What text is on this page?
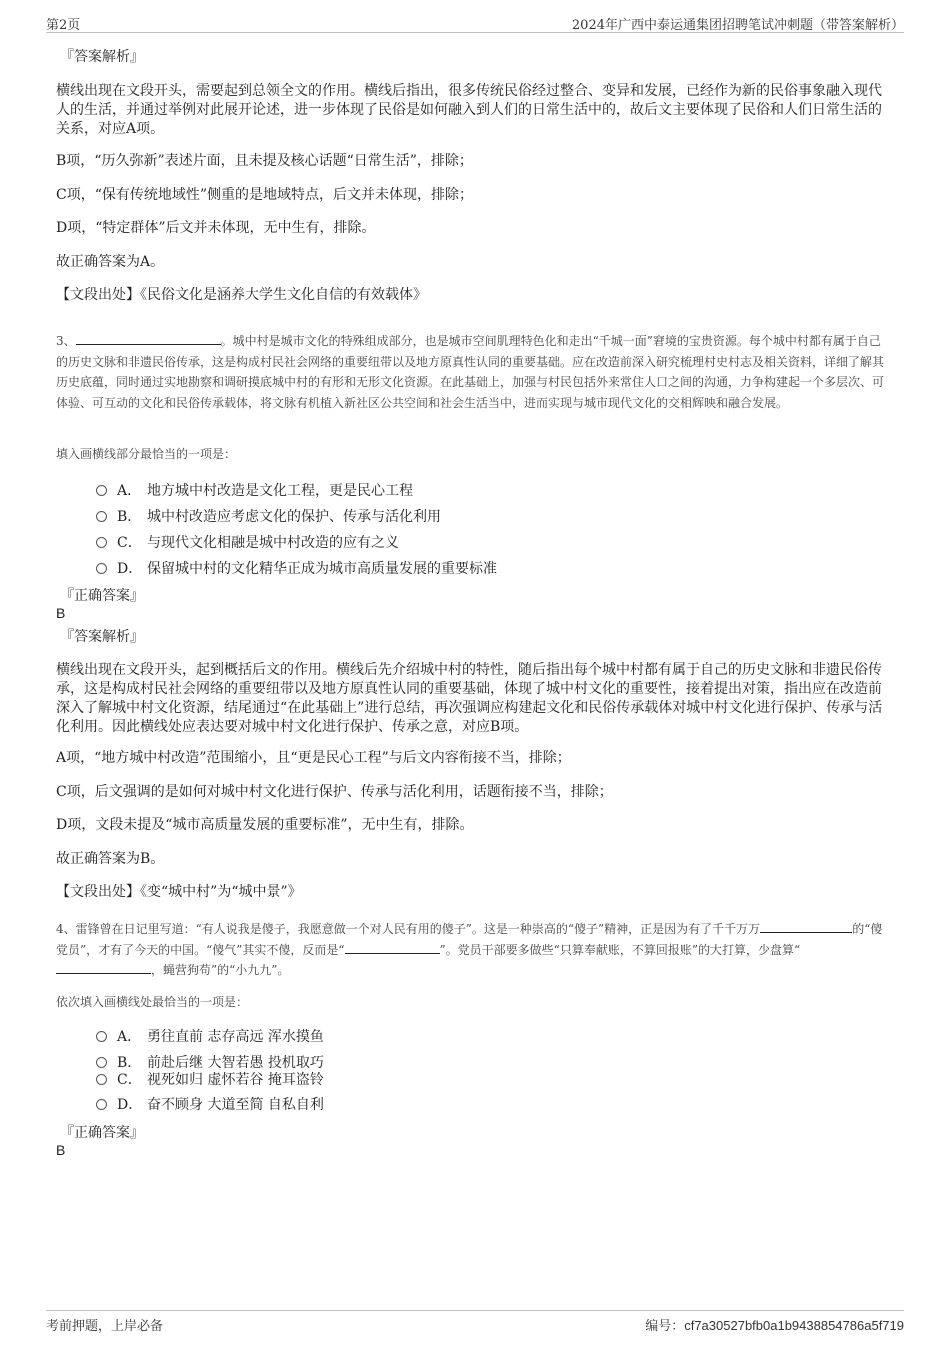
第2页	2024年广西中泰运通集团招聘笔试冲刺题（带答案解析）
『答案解析』

横线出现在文段开头，需要起到总领全文的作用。横线后指出，很多传统民俗经过整合、变异和发展，已经作为新的民俗事象融入现代人的生活，并通过举例对此展开论述，进一步体现了民俗是如何融入到人们的日常生活中的，故后文主要体现了民俗和人们日常生活的关系，对应A项。

B项，“历久弥新”表述片面，且未提及核心话题“日常生活”，排除；

C项，“保有传统地域性”侧重的是地域特点，后文并未体现，排除；

D项，“特定群体”后文并未体现，无中生有，排除。

故正确答案为A。

【文段出处】《民俗文化是涵养大学生文化自信的有效载体》

3、	。城中村是城市文化的特殊组成部分，也是城市空间肌理特色化和走出“千城一面”窘境的宝贵资源。每个城中村都有属于自己的历史文脉和非遗民俗传承，这是构成村民社会网络的重要纽带以及地方原真性认同的重要基础。应在改造前深入研究梳理村史村志及相关资料，详细了解其历史底蕴，同时通过实地勘察和调研摸底城中村的有形和无形文化资源。在此基础上，加强与村民包括外来常住人口之间的沟通，力争构建起一个多层次、可体验、可互动的文化和民俗传承载体，将文脉有机植入新社区公共空间和社会生活当中，进而实现与城市现代文化的交相辉映和融合发展。

填入画横线部分最恰当的一项是：

A． 地方城中村改造是文化工程，更是民心工程
B． 城中村改造应考虑文化的保护、传承与活化利用
C． 与现代文化相融是城中村改造的应有之义
D． 保留城中村的文化精华正成为城市高质量发展的重要标准
『正确答案』
B
『答案解析』

横线出现在文段开头，起到概括后文的作用。横线后先介绍城中村的特性，随后指出每个城中村都有属于自己的历史文脉和非遗民俗传承，这是构成村民社会网络的重要纽带以及地方原真性认同的重要基础，体现了城中村文化的重要性，接着提出对策，指出应在改造前深入了解城中村文化资源，结尾通过“在此基础上”进行总结，再次强调应构建起文化和民俗传承载体对城中村文化进行保护、传承与活化利用。因此横线处应表达要对城中村文化进行保护、传承之意，对应B项。

A项，“地方城中村改造”范围缩小，且“更是民心工程”与后文内容衔接不当，排除；

C项，后文强调的是如何对城中村文化进行保护、传承与活化利用，话题衔接不当，排除；

D项，文段未提及“城市高质量发展的重要标准”，无中生有，排除。

故正确答案为B。

【文段出处】《变“城中村”为“城中景”》

4、雷锋曾在日记里写道：“有人说我是傻子，我愿意做一个对人民有用的傻子”。这是一种崇高的“傻子”精神，正是因为有了千千万万	的“傻党员”，才有了今天的中国。“傻气”其实不傻，反而是“	”。党员干部要多做些“只算奉献账，不算回报账”的大打算，少盘算“，蝇营狗苟”的“小九九”。

依次填入画横线处最恰当的一项是：

A． 勇往直前 志存高远 浑水摸鱼
B． 前赴后继 大智若愚 投机取巧
C． 视死如归 虚怀若谷 掩耳盗铃
D． 奋不顾身 大道至简 自私自利
『正确答案』
B
考前押题，上岸必备	编号：cf7a30527bfb0a1b9438854786a5f719
